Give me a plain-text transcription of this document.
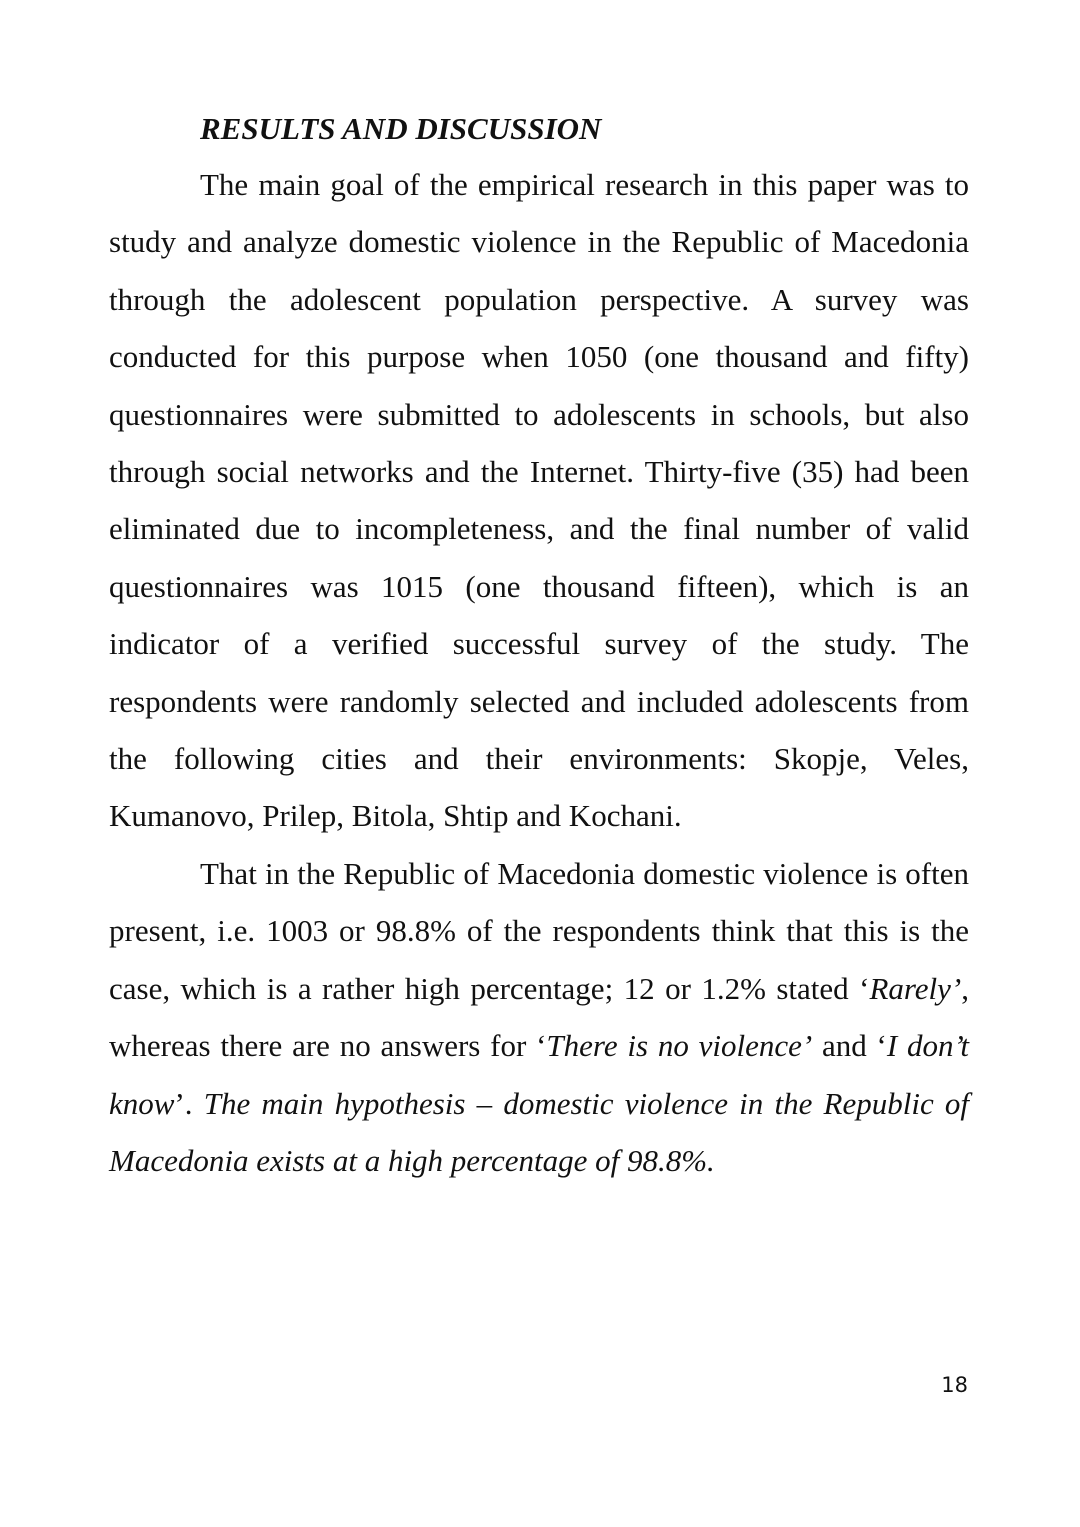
RESULTS AND DISCUSSION

The main goal of the empirical research in this paper was to study and analyze domestic violence in the Republic of Macedonia through the adolescent population perspective. A survey was conducted for this purpose when 1050 (one thousand and fifty) questionnaires were submitted to adolescents in schools, but also through social networks and the Internet. Thirty-five (35) had been eliminated due to incompleteness, and the final number of valid questionnaires was 1015 (one thousand fifteen), which is an indicator of a verified successful survey of the study. The respondents were randomly selected and included adolescents from the following cities and their environments: Skopje, Veles, Kumanovo, Prilep, Bitola, Shtip and Kochani.

That in the Republic of Macedonia domestic violence is often present, i.e. 1003 or 98.8% of the respondents think that this is the case, which is a rather high percentage; 12 or 1.2% stated ‘Rarely’, whereas there are no answers for ‘There is no violence’ and ‘I don’t know’. The main hypothesis – domestic violence in the Republic of Macedonia exists at a high percentage of 98.8%.

18
